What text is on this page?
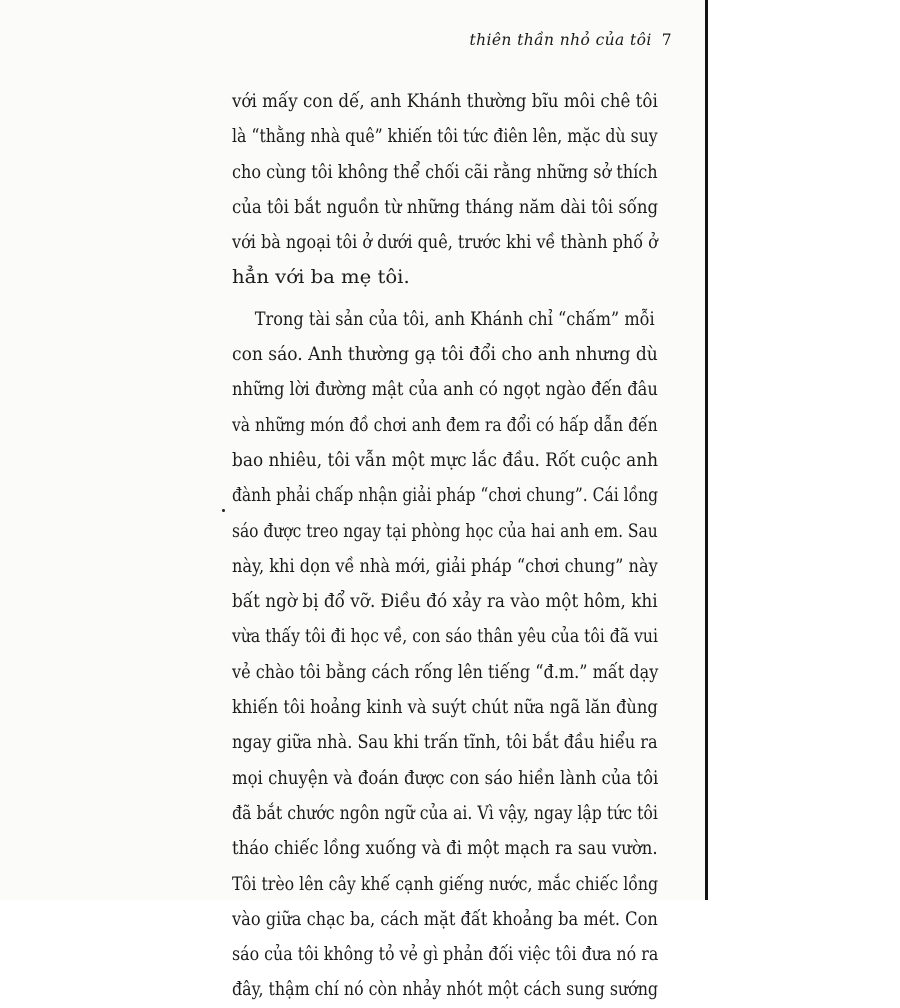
thiên thần nhỏ của tôi 7
với mấy con dế, anh Khánh thường bĩu môi chê tôi
là “thằng nhà quê” khiến tôi tức điên lên, mặc dù suy
cho cùng tôi không thể chối cãi rằng những sở thích
của tôi bắt nguồn từ những tháng năm dài tôi sống
với bà ngoại tôi ở dưới quê, trước khi về thành phố ở
hẳn với ba mẹ tôi.
Trong tài sản của tôi, anh Khánh chỉ “chấm” mỗi
con sáo. Anh thường gạ tôi đổi cho anh nhưng dù
những lời đường mật của anh có ngọt ngào đến đâu
và những món đồ chơi anh đem ra đổi có hấp dẫn đến
bao nhiêu, tôi vẫn một mực lắc đầu. Rốt cuộc anh
đành phải chấp nhận giải pháp “chơi chung”. Cái lồng
sáo được treo ngay tại phòng học của hai anh em. Sau
này, khi dọn về nhà mới, giải pháp “chơi chung” này
bất ngờ bị đổ vỡ. Điều đó xảy ra vào một hôm, khi
vừa thấy tôi đi học về, con sáo thân yêu của tôi đã vui
vẻ chào tôi bằng cách rống lên tiếng “đ.m.” mất dạy
khiến tôi hoảng kinh và suýt chút nữa ngã lăn đùng
ngay giữa nhà. Sau khi trấn tĩnh, tôi bắt đầu hiểu ra
mọi chuyện và đoán được con sáo hiền lành của tôi
đã bắt chước ngôn ngữ của ai. Vì vậy, ngay lập tức tôi
tháo chiếc lồng xuống và đi một mạch ra sau vườn.
Tôi trèo lên cây khế cạnh giếng nước, mắc chiếc lồng
vào giữa chạc ba, cách mặt đất khoảng ba mét. Con
sáo của tôi không tỏ vẻ gì phản đối việc tôi đưa nó ra
đây, thậm chí nó còn nhảy nhót một cách sung sướng
